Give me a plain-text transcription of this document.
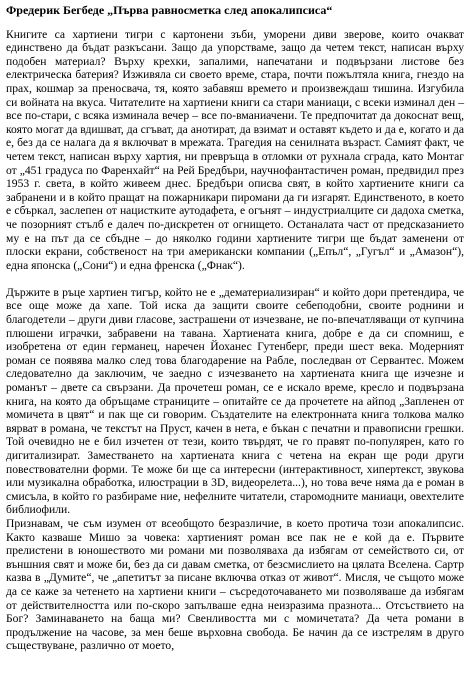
Фредерик Бегбеде „Първа равносметка след апокалипсиса“

Книгите са хартиени тигри с картонени зъби, уморени диви зверове, които очакват единствено да бъдат разкъсани. Защо да упорстваме, защо да четем текст, написан върху подобен материал? Върху крехки, запалими, напечатани и подвързани листове без електрическа батерия? Изживяла си своето време, стара, почти пожълтяла книга, гнездо на прах, кошмар за преносвача, тя, която забавяш времето и произвеждаш тишина. Изгубила си войната на вкуса. Читателите на хартиени книги са стари маниаци, с всеки изминал ден – все по-стари, с всяка изминала вечер – все по-вманиачени. Те предпочитат да докоснат вещ, която могат да вдишват, да сгъват, да анотират, да взимат и оставят където и да е, когато и да е, без да се налага да я включват в мрежата. Трагедия на сенилната възраст. Самият факт, че четем текст, написан върху хартия, ни превръща в отломки от рухнала сграда, като Монтаг от „451 градуса по Фаренхайт“ на Рей Бредбъри, научнофантастичен роман, предвидил през 1953 г. света, в който живеем днес. Бредбъри описва свят, в който хартиените книги са забранени и в който пращат на пожарникари пиромани да ги изгарят. Единственото, в което е сбъркал, заслепен от нацистките аутодафета, е огънят – индустриалците си дадоха сметка, че позорният стълб е далеч по-дискретен от огнището. Останалата част от предсказанието му е на път да се сбъдне – до няколко години хартиените тигри ще бъдат заменени от плоски екрани, собственост на три американски компании („Епъл“, „Гугъл“ и „Амазон“), една японска („Сони“) и една френска („Фнак“).

Държите в ръце хартиен тигър, който не е „дематериализиран“ и който дори претендира, че все още може да хапе. Той иска да защити своите себеподобни, своите роднини и благодетели – други диви гласове, застрашени от изчезване, не по-впечатляващи от купчина плюшени играчки, забравени на тавана. Хартиената книга, добре е да си спомниш, е изобретена от един германец, наречен Йоханес Гутенберг, преди шест века. Модерният роман се появява малко след това благодарение на Рабле, последван от Сервантес. Можем следователно да заключим, че заедно с изчезването на хартиената книга ще изчезне и романът – двете са свързани. Да прочетеш роман, се е искало време, кресло и подвързана книга, на която да обръщаме страниците – опитайте се да прочетете на айпод „Запленен от момичета в цвят“ и пак ще си говорим. Създателите на електронната книга толкова малко вярват в романа, че текстът на Пруст, качен в нета, е бъкан с печатни и правописни грешки. Той очевидно не е бил изчетен от тези, които твърдят, че го правят по-популярен, като го дигитализират. Заместването на хартиената книга с четена на екран ще роди други повествователни форми. Те може би ще са интересни (интерактивност, хипертекст, звукова или музикална обработка, илюстрации в 3D, видеорелета...), но това вече няма да е роман в смисъла, в който го разбираме ние, нефелните читатели, старомодните маниаци, овехтелите библиофили.

Признавам, че съм изумен от всеобщото безразличие, в което протича този апокалипсис. Както казваше Мишо за човека: хартиеният роман все пак не е кой да е. Първите прелистени в юношеството ми романи ми позволяваха да избягам от семейството си, от външния свят и може би, без да си давам сметка, от безсмислието на цялата Вселена. Сартр казва в „Думите“, че „апетитът за писане включва отказ от живот“. Мисля, че същото може да се каже за четенето на хартиени книги – съсредоточаването ми позволяваше да избягам от действителността или по-скоро запълваше една неизразима празнота... Отсъствието на Бог? Заминаването на баща ми? Свенливостта ми с момичетата? Да чета романи в продължение на часове, за мен беше върховна свобода. Бе начин да се изстрелям в друго съществуване, различно от моето,
